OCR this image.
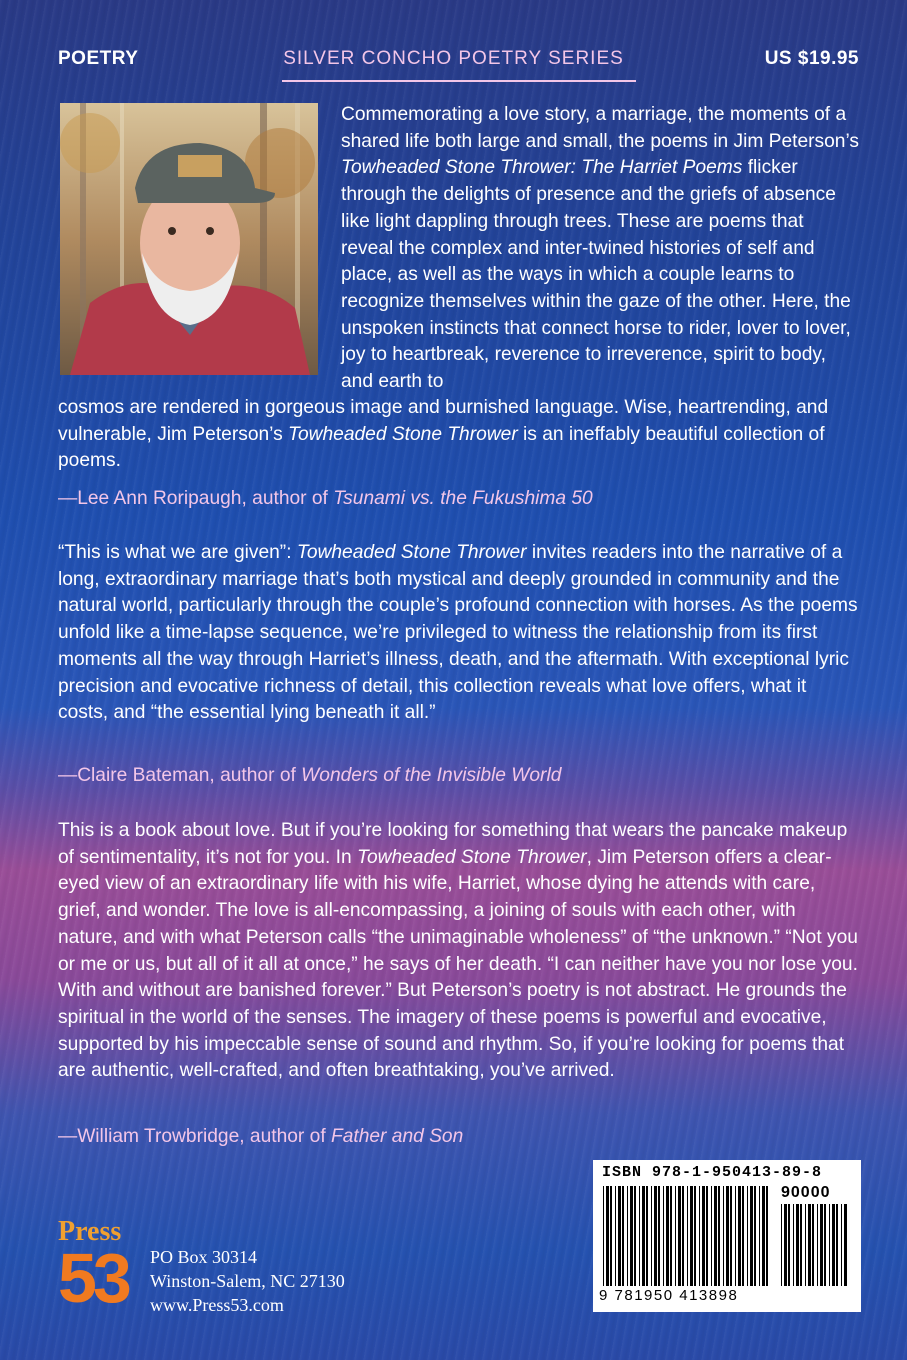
POETRY	SILVER CONCHO POETRY SERIES	US $19.95

Commemorating a love story, a marriage, the moments of a shared life both large and small, the poems in Jim Peterson’s Towheaded Stone Thrower: The Harriet Poems flicker through the delights of presence and the griefs of absence like light dappling through trees. These are poems that reveal the complex and inter-twined histories of self and place, as well as the ways in which a couple learns to recognize themselves within the gaze of the other. Here, the unspoken instincts that connect horse to rider, lover to lover, joy to heartbreak, reverence to irreverence, spirit to body, and earth to

cosmos are rendered in gorgeous image and burnished language. Wise, heartrending, and vulnerable, Jim Peterson’s Towheaded Stone Thrower is an ineffably beautiful collection of poems.

—Lee Ann Roripaugh, author of Tsunami vs. the Fukushima 50

“This is what we are given”: Towheaded Stone Thrower invites readers into the narrative of a long, extraordinary marriage that’s both mystical and deeply grounded in community and the natural world, particularly through the couple’s profound connection with horses. As the poems unfold like a time-lapse sequence, we’re privileged to witness the relationship from its first moments all the way through Harriet’s illness, death, and the aftermath. With exceptional lyric precision and evocative richness of detail, this collection reveals what love offers, what it costs, and “the essential lying beneath it all.”

—Claire Bateman, author of Wonders of the Invisible World

This is a book about love. But if you’re looking for something that wears the pancake makeup of sentimentality, it’s not for you. In Towheaded Stone Thrower, Jim Peterson offers a clear-eyed view of an extraordinary life with his wife, Harriet, whose dying he attends with care, grief, and wonder. The love is all-encompassing, a joining of souls with each other, with nature, and with what Peterson calls “the unimaginable wholeness” of “the unknown.” “Not you or me or us, but all of it all at once,” he says of her death. “I can neither have you nor lose you. With and without are banished forever.” But Peterson’s poetry is not abstract. He grounds the spiritual in the world of the senses. The imagery of these poems is powerful and evocative, supported by his impeccable sense of sound and rhythm. So, if you’re looking for poems that are authentic, well-crafted, and often breathtaking, you’ve arrived.

—William Trowbridge, author of Father and Son
Press
53	PO Box 30314
Winston-Salem, NC 27130
www.Press53.com
ISBN 978-1-950413-89-8
90000
9 781950 413898
